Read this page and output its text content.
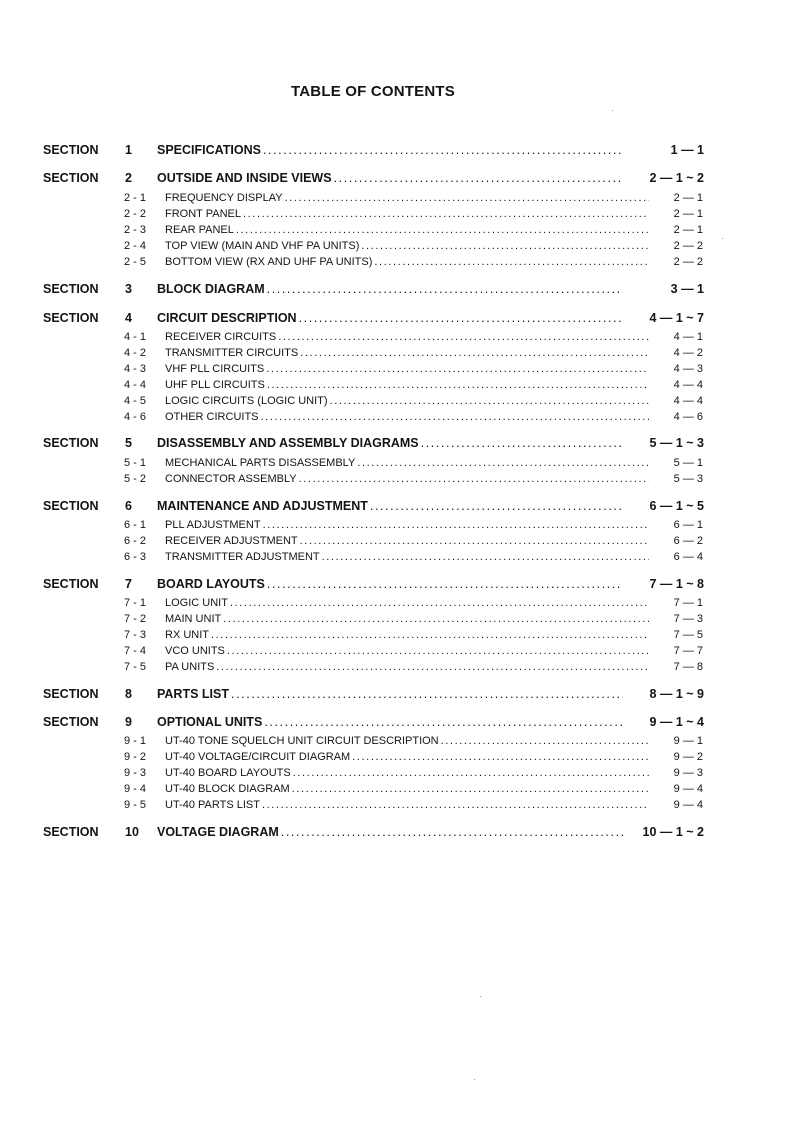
TABLE OF CONTENTS
SECTION 1 SPECIFICATIONS .....	1 — 1
SECTION 2 OUTSIDE AND INSIDE VIEWS .....	2 — 1 ~ 2
2 - 1 FREQUENCY DISPLAY .....	2 — 1
2 - 2 FRONT PANEL .....	2 — 1
2 - 3 REAR PANEL .....	2 — 1
2 - 4 TOP VIEW (MAIN AND VHF PA UNITS) .....	2 — 2
2 - 5 BOTTOM VIEW (RX AND UHF PA UNITS) .....	2 — 2
SECTION 3 BLOCK DIAGRAM .....	3 — 1
SECTION 4 CIRCUIT DESCRIPTION .....	4 — 1 ~ 7
4 - 1 RECEIVER CIRCUITS .....	4 — 1
4 - 2 TRANSMITTER CIRCUITS .....	4 — 2
4 - 3 VHF PLL CIRCUITS .....	4 — 3
4 - 4 UHF PLL CIRCUITS .....	4 — 4
4 - 5 LOGIC CIRCUITS (LOGIC UNIT) .....	4 — 4
4 - 6 OTHER CIRCUITS .....	4 — 6
SECTION 5 DISASSEMBLY AND ASSEMBLY DIAGRAMS .....	5 — 1 ~ 3
5 - 1 MECHANICAL PARTS DISASSEMBLY .....	5 — 1
5 - 2 CONNECTOR ASSEMBLY .....	5 — 3
SECTION 6 MAINTENANCE AND ADJUSTMENT .....	6 — 1 ~ 5
6 - 1 PLL ADJUSTMENT .....	6 — 1
6 - 2 RECEIVER ADJUSTMENT .....	6 — 2
6 - 3 TRANSMITTER ADJUSTMENT .....	6 — 4
SECTION 7 BOARD LAYOUTS .....	7 — 1 ~ 8
7 - 1 LOGIC UNIT .....	7 — 1
7 - 2 MAIN UNIT .....	7 — 3
7 - 3 RX UNIT .....	7 — 5
7 - 4 VCO UNITS .....	7 — 7
7 - 5 PA UNITS .....	7 — 8
SECTION 8 PARTS LIST .....	8 — 1 ~ 9
SECTION 9 OPTIONAL UNITS .....	9 — 1 ~ 4
9 - 1 UT-40 TONE SQUELCH UNIT CIRCUIT DESCRIPTION .....	9 — 1
9 - 2 UT-40 VOLTAGE/CIRCUIT DIAGRAM .....	9 — 2
9 - 3 UT-40 BOARD LAYOUTS .....	9 — 3
9 - 4 UT-40 BLOCK DIAGRAM .....	9 — 4
9 - 5 UT-40 PARTS LIST .....	9 — 4
SECTION 10 VOLTAGE DIAGRAM .....	10 — 1 ~ 2
